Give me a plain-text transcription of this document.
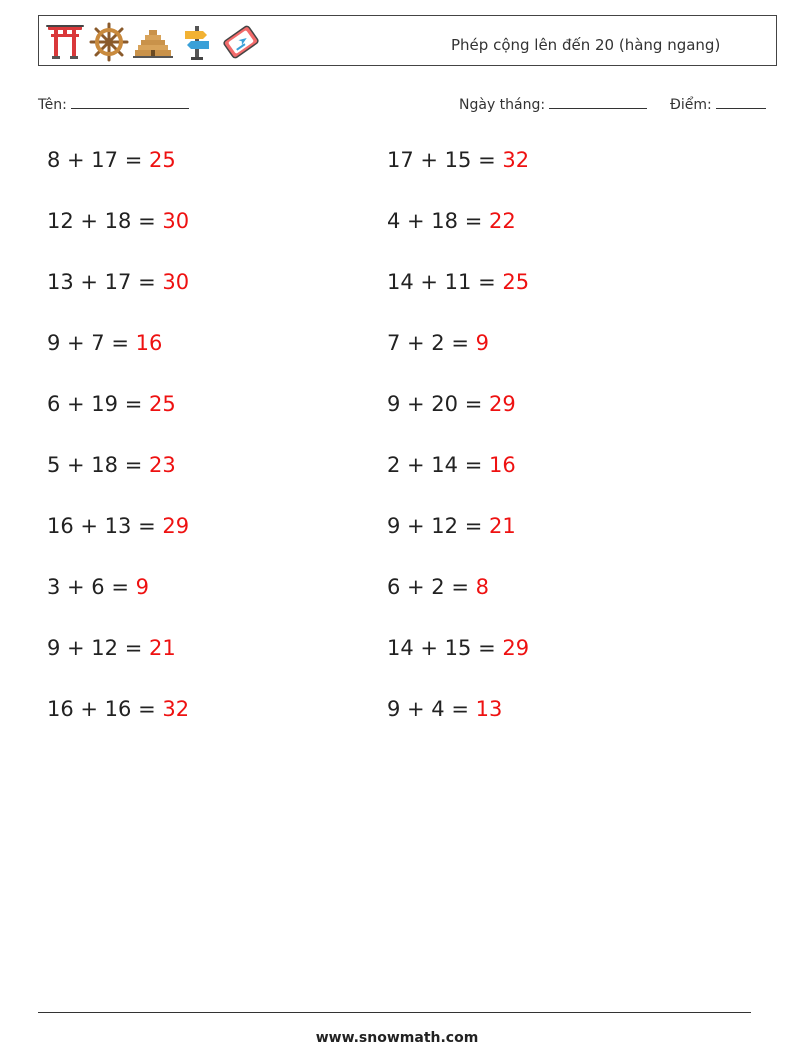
Phép cộng lên đến 20 (hàng ngang)
Tên:	Ngày tháng:	Điểm:
8 + 17 = 25	17 + 15 = 32
12 + 18 = 30	4 + 18 = 22
13 + 17 = 30	14 + 11 = 25
9 + 7 = 16	7 + 2 = 9
6 + 19 = 25	9 + 20 = 29
5 + 18 = 23	2 + 14 = 16
16 + 13 = 29	9 + 12 = 21
3 + 6 = 9	6 + 2 = 8
9 + 12 = 21	14 + 15 = 29
16 + 16 = 32	9 + 4 = 13
www.snowmath.com
